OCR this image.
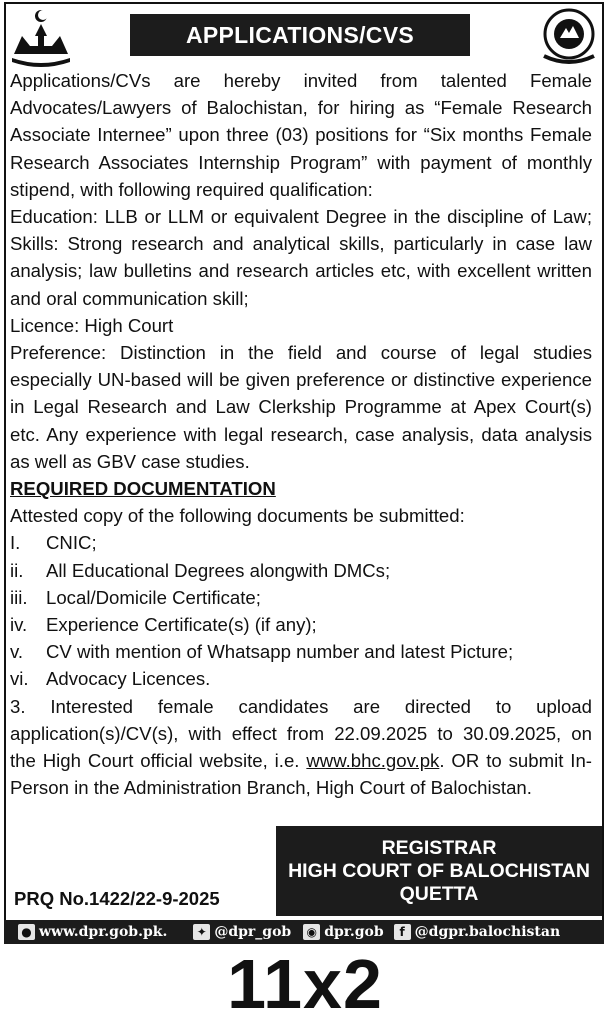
APPLICATIONS/CVS

Applications/CVs are hereby invited from talented Female Advocates/Lawyers of Balochistan, for hiring as “Female Research Associate Internee” upon three (03) positions for “Six months Female Research Associates Internship Program” with payment of monthly stipend, with following required qualification:

Education: LLB or LLM or equivalent Degree in the discipline of Law;

Skills: Strong research and analytical skills, particularly in case law analysis; law bulletins and research articles etc, with excellent written and oral communication skill;

Licence: High Court

Preference: Distinction in the field and course of legal studies especially UN-based will be given preference or distinctive experience in Legal Research and Law Clerkship Programme at Apex Court(s) etc. Any experience with legal research, case analysis, data analysis as well as GBV case studies.

REQUIRED DOCUMENTATION

Attested copy of the following documents be submitted:

I.	CNIC;
ii.	All Educational Degrees alongwith DMCs;
iii. Local/Domicile Certificate;
iv.	Experience Certificate(s) (if any);
v.	CV with mention of Whatsapp number and latest Picture;
vi. Advocacy Licences.

3. Interested female candidates are directed to upload

application(s)/CV(s), with effect from 22.09.2025 to 30.09.2025, on

the High Court official website, i.e. www.bhc.gov.pk. OR to submit In-Person in the Administration Branch, High Court of Balochistan.

REGISTRAR
HIGH COURT OF BALOCHISTAN
QUETTA
PRQ No.1422/22-9-2025
● www.dpr.gob.pk. ✦ @dpr_gob ◉ dpr.gob	f @dgpr.balochistan
11x2
